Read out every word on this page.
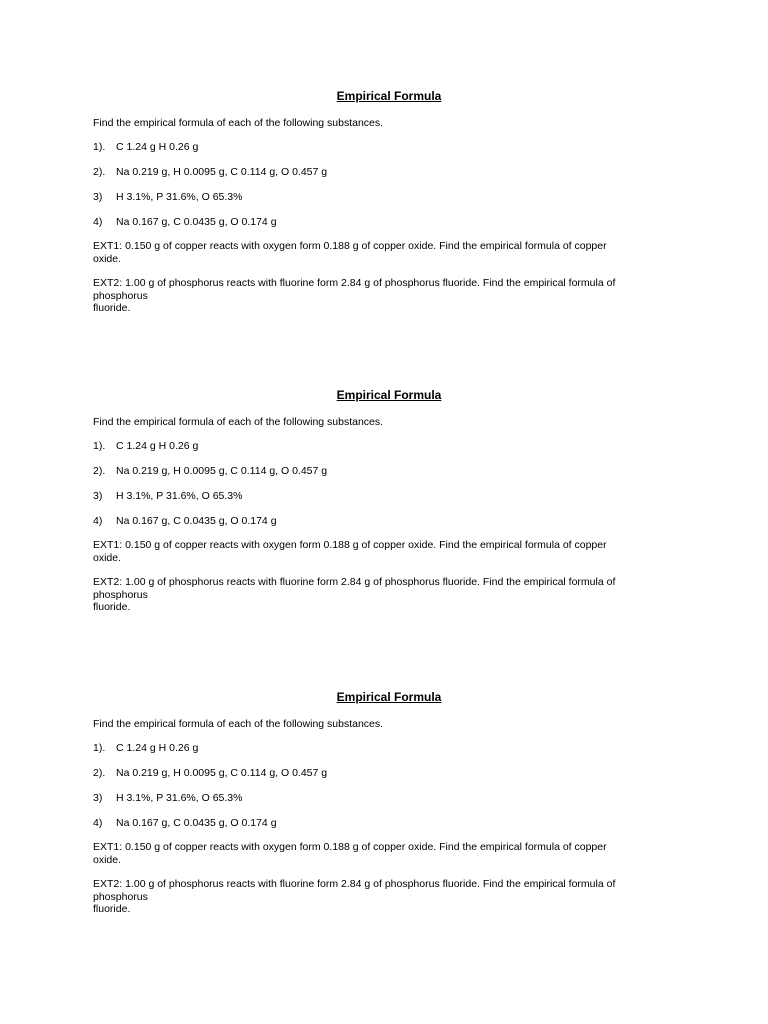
Empirical Formula

Find the empirical formula of each of the following substances.

1). C 1.24 g H 0.26 g
2). Na 0.219 g, H 0.0095 g, C 0.114 g, O 0.457 g
3) H 3.1%, P 31.6%, O 65.3%
4) Na 0.167 g, C 0.0435 g, O 0.174 g

EXT1: 0.150 g of copper reacts with oxygen form 0.188 g of copper oxide. Find the empirical formula of copper
oxide.

EXT2: 1.00 g of phosphorus reacts with fluorine form 2.84 g of phosphorus fluoride. Find the empirical formula of
phosphorus
fluoride.

Empirical Formula

Find the empirical formula of each of the following substances.

1). C 1.24 g H 0.26 g
2). Na 0.219 g, H 0.0095 g, C 0.114 g, O 0.457 g
3) H 3.1%, P 31.6%, O 65.3%
4) Na 0.167 g, C 0.0435 g, O 0.174 g

EXT1: 0.150 g of copper reacts with oxygen form 0.188 g of copper oxide. Find the empirical formula of copper
oxide.

EXT2: 1.00 g of phosphorus reacts with fluorine form 2.84 g of phosphorus fluoride. Find the empirical formula of
phosphorus
fluoride.

Empirical Formula

Find the empirical formula of each of the following substances.

1). C 1.24 g H 0.26 g
2). Na 0.219 g, H 0.0095 g, C 0.114 g, O 0.457 g
3) H 3.1%, P 31.6%, O 65.3%
4) Na 0.167 g, C 0.0435 g, O 0.174 g

EXT1: 0.150 g of copper reacts with oxygen form 0.188 g of copper oxide. Find the empirical formula of copper
oxide.

EXT2: 1.00 g of phosphorus reacts with fluorine form 2.84 g of phosphorus fluoride. Find the empirical formula of
phosphorus
fluoride.
